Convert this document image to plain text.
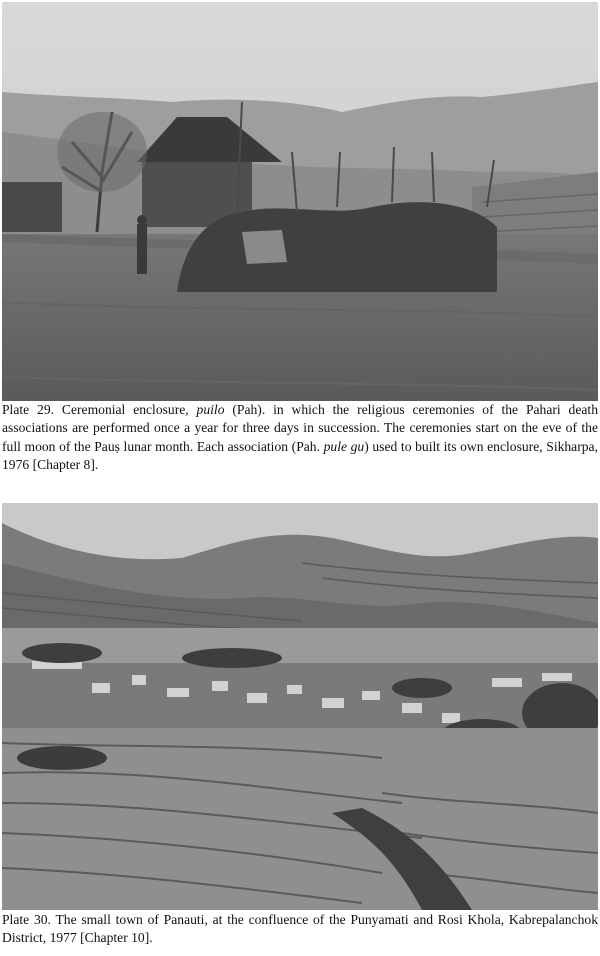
Plate 29. Ceremonial enclosure, puilo (Pah). in which the religious ceremonies of the Pahari death associations are performed once a year for three days in succession. The ceremonies start on the eve of the full moon of the Pauṣ lunar month. Each association (Pah. pule gu) used to built its own enclosure, Sikharpa, 1976 [Chapter 8].

Plate 30. The small town of Panauti, at the confluence of the Punyamati and Rosi Khola, Kabrepalanchok District, 1977 [Chapter 10].
